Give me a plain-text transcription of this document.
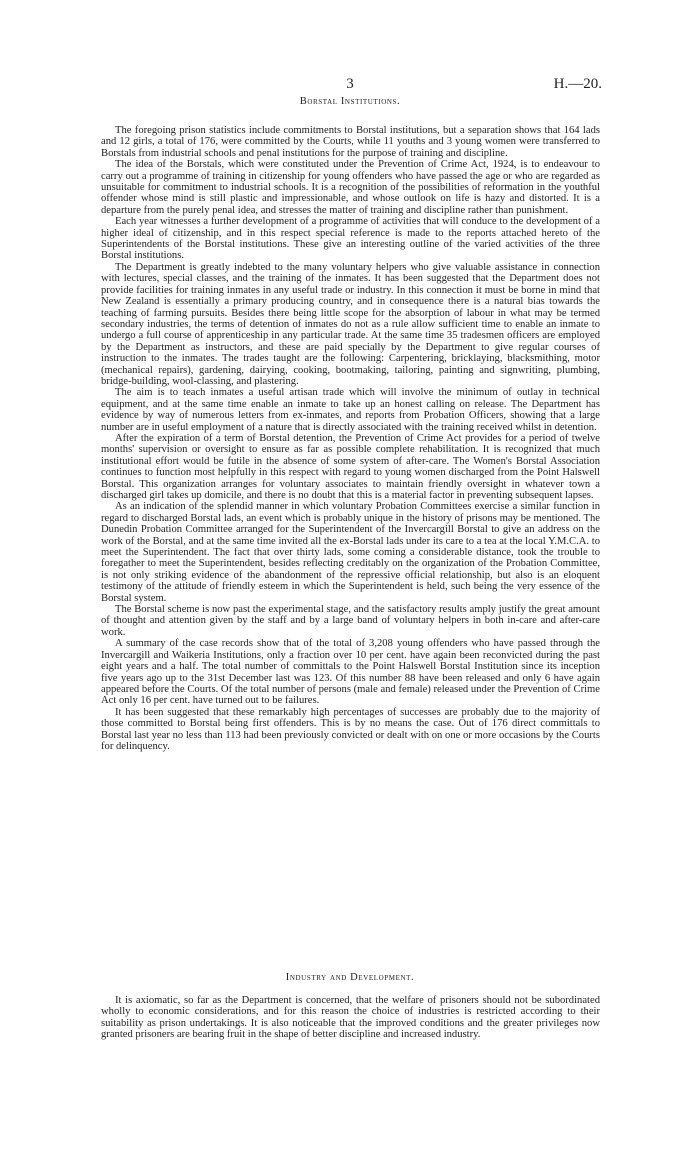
3	H.—20.
Borstal Institutions.

The foregoing prison statistics include commitments to Borstal institutions, but a separation shows that 164 lads and 12 girls, a total of 176, were committed by the Courts, while 11 youths and 3 young women were transferred to Borstals from industrial schools and penal institutions for the purpose of training and discipline.

The idea of the Borstals, which were constituted under the Prevention of Crime Act, 1924, is to endeavour to carry out a programme of training in citizenship for young offenders who have passed the age or who are regarded as unsuitable for commitment to industrial schools. It is a recognition of the possibilities of reformation in the youthful offender whose mind is still plastic and impressionable, and whose outlook on life is hazy and distorted. It is a departure from the purely penal idea, and stresses the matter of training and discipline rather than punishment.

Each year witnesses a further development of a programme of activities that will conduce to the development of a higher ideal of citizenship, and in this respect special reference is made to the reports attached hereto of the Superintendents of the Borstal institutions. These give an interesting outline of the varied activities of the three Borstal institutions.

The Department is greatly indebted to the many voluntary helpers who give valuable assistance in connection with lectures, special classes, and the training of the inmates. It has been suggested that the Department does not provide facilities for training inmates in any useful trade or industry. In this connection it must be borne in mind that New Zealand is essentially a primary producing country, and in consequence there is a natural bias towards the teaching of farming pursuits. Besides there being little scope for the absorption of labour in what may be termed secondary industries, the terms of detention of inmates do not as a rule allow sufficient time to enable an inmate to undergo a full course of apprenticeship in any particular trade. At the same time 35 tradesmen officers are employed by the Department as instructors, and these are paid specially by the Department to give regular courses of instruction to the inmates. The trades taught are the following: Carpentering, bricklaying, blacksmithing, motor (mechanical repairs), gardening, dairying, cooking, bootmaking, tailoring, painting and signwriting, plumbing, bridge-building, wool-classing, and plastering.

The aim is to teach inmates a useful artisan trade which will involve the minimum of outlay in technical equipment, and at the same time enable an inmate to take up an honest calling on release. The Department has evidence by way of numerous letters from ex-inmates, and reports from Probation Officers, showing that a large number are in useful employment of a nature that is directly associated with the training received whilst in detention.

After the expiration of a term of Borstal detention, the Prevention of Crime Act provides for a period of twelve months' supervision or oversight to ensure as far as possible complete rehabilitation. It is recognized that much institutional effort would be futile in the absence of some system of after-care. The Women's Borstal Association continues to function most helpfully in this respect with regard to young women discharged from the Point Halswell Borstal. This organization arranges for voluntary associates to maintain friendly oversight in whatever town a discharged girl takes up domicile, and there is no doubt that this is a material factor in preventing subsequent lapses.

As an indication of the splendid manner in which voluntary Probation Committees exercise a similar function in regard to discharged Borstal lads, an event which is probably unique in the history of prisons may be mentioned. The Dunedin Probation Committee arranged for the Superintendent of the Invercargill Borstal to give an address on the work of the Borstal, and at the same time invited all the ex-Borstal lads under its care to a tea at the local Y.M.C.A. to meet the Superintendent. The fact that over thirty lads, some coming a considerable distance, took the trouble to foregather to meet the Superintendent, besides reflecting creditably on the organization of the Probation Committee, is not only striking evidence of the abandonment of the repressive official relationship, but also is an eloquent testimony of the attitude of friendly esteem in which the Superintendent is held, such being the very essence of the Borstal system.

The Borstal scheme is now past the experimental stage, and the satisfactory results amply justify the great amount of thought and attention given by the staff and by a large band of voluntary helpers in both in-care and after-care work.

A summary of the case records show that of the total of 3,208 young offenders who have passed through the Invercargill and Waikeria Institutions, only a fraction over 10 per cent. have again been reconvicted during the past eight years and a half. The total number of committals to the Point Halswell Borstal Institution since its inception five years ago up to the 31st December last was 123. Of this number 88 have been released and only 6 have again appeared before the Courts. Of the total number of persons (male and female) released under the Prevention of Crime Act only 16 per cent. have turned out to be failures.

It has been suggested that these remarkably high percentages of successes are probably due to the majority of those committed to Borstal being first offenders. This is by no means the case. Out of 176 direct committals to Borstal last year no less than 113 had been previously convicted or dealt with on one or more occasions by the Courts for delinquency.

Industry and Development.

It is axiomatic, so far as the Department is concerned, that the welfare of prisoners should not be subordinated wholly to economic considerations, and for this reason the choice of industries is restricted according to their suitability as prison undertakings. It is also noticeable that the improved conditions and the greater privileges now granted prisoners are bearing fruit in the shape of better discipline and increased industry.
